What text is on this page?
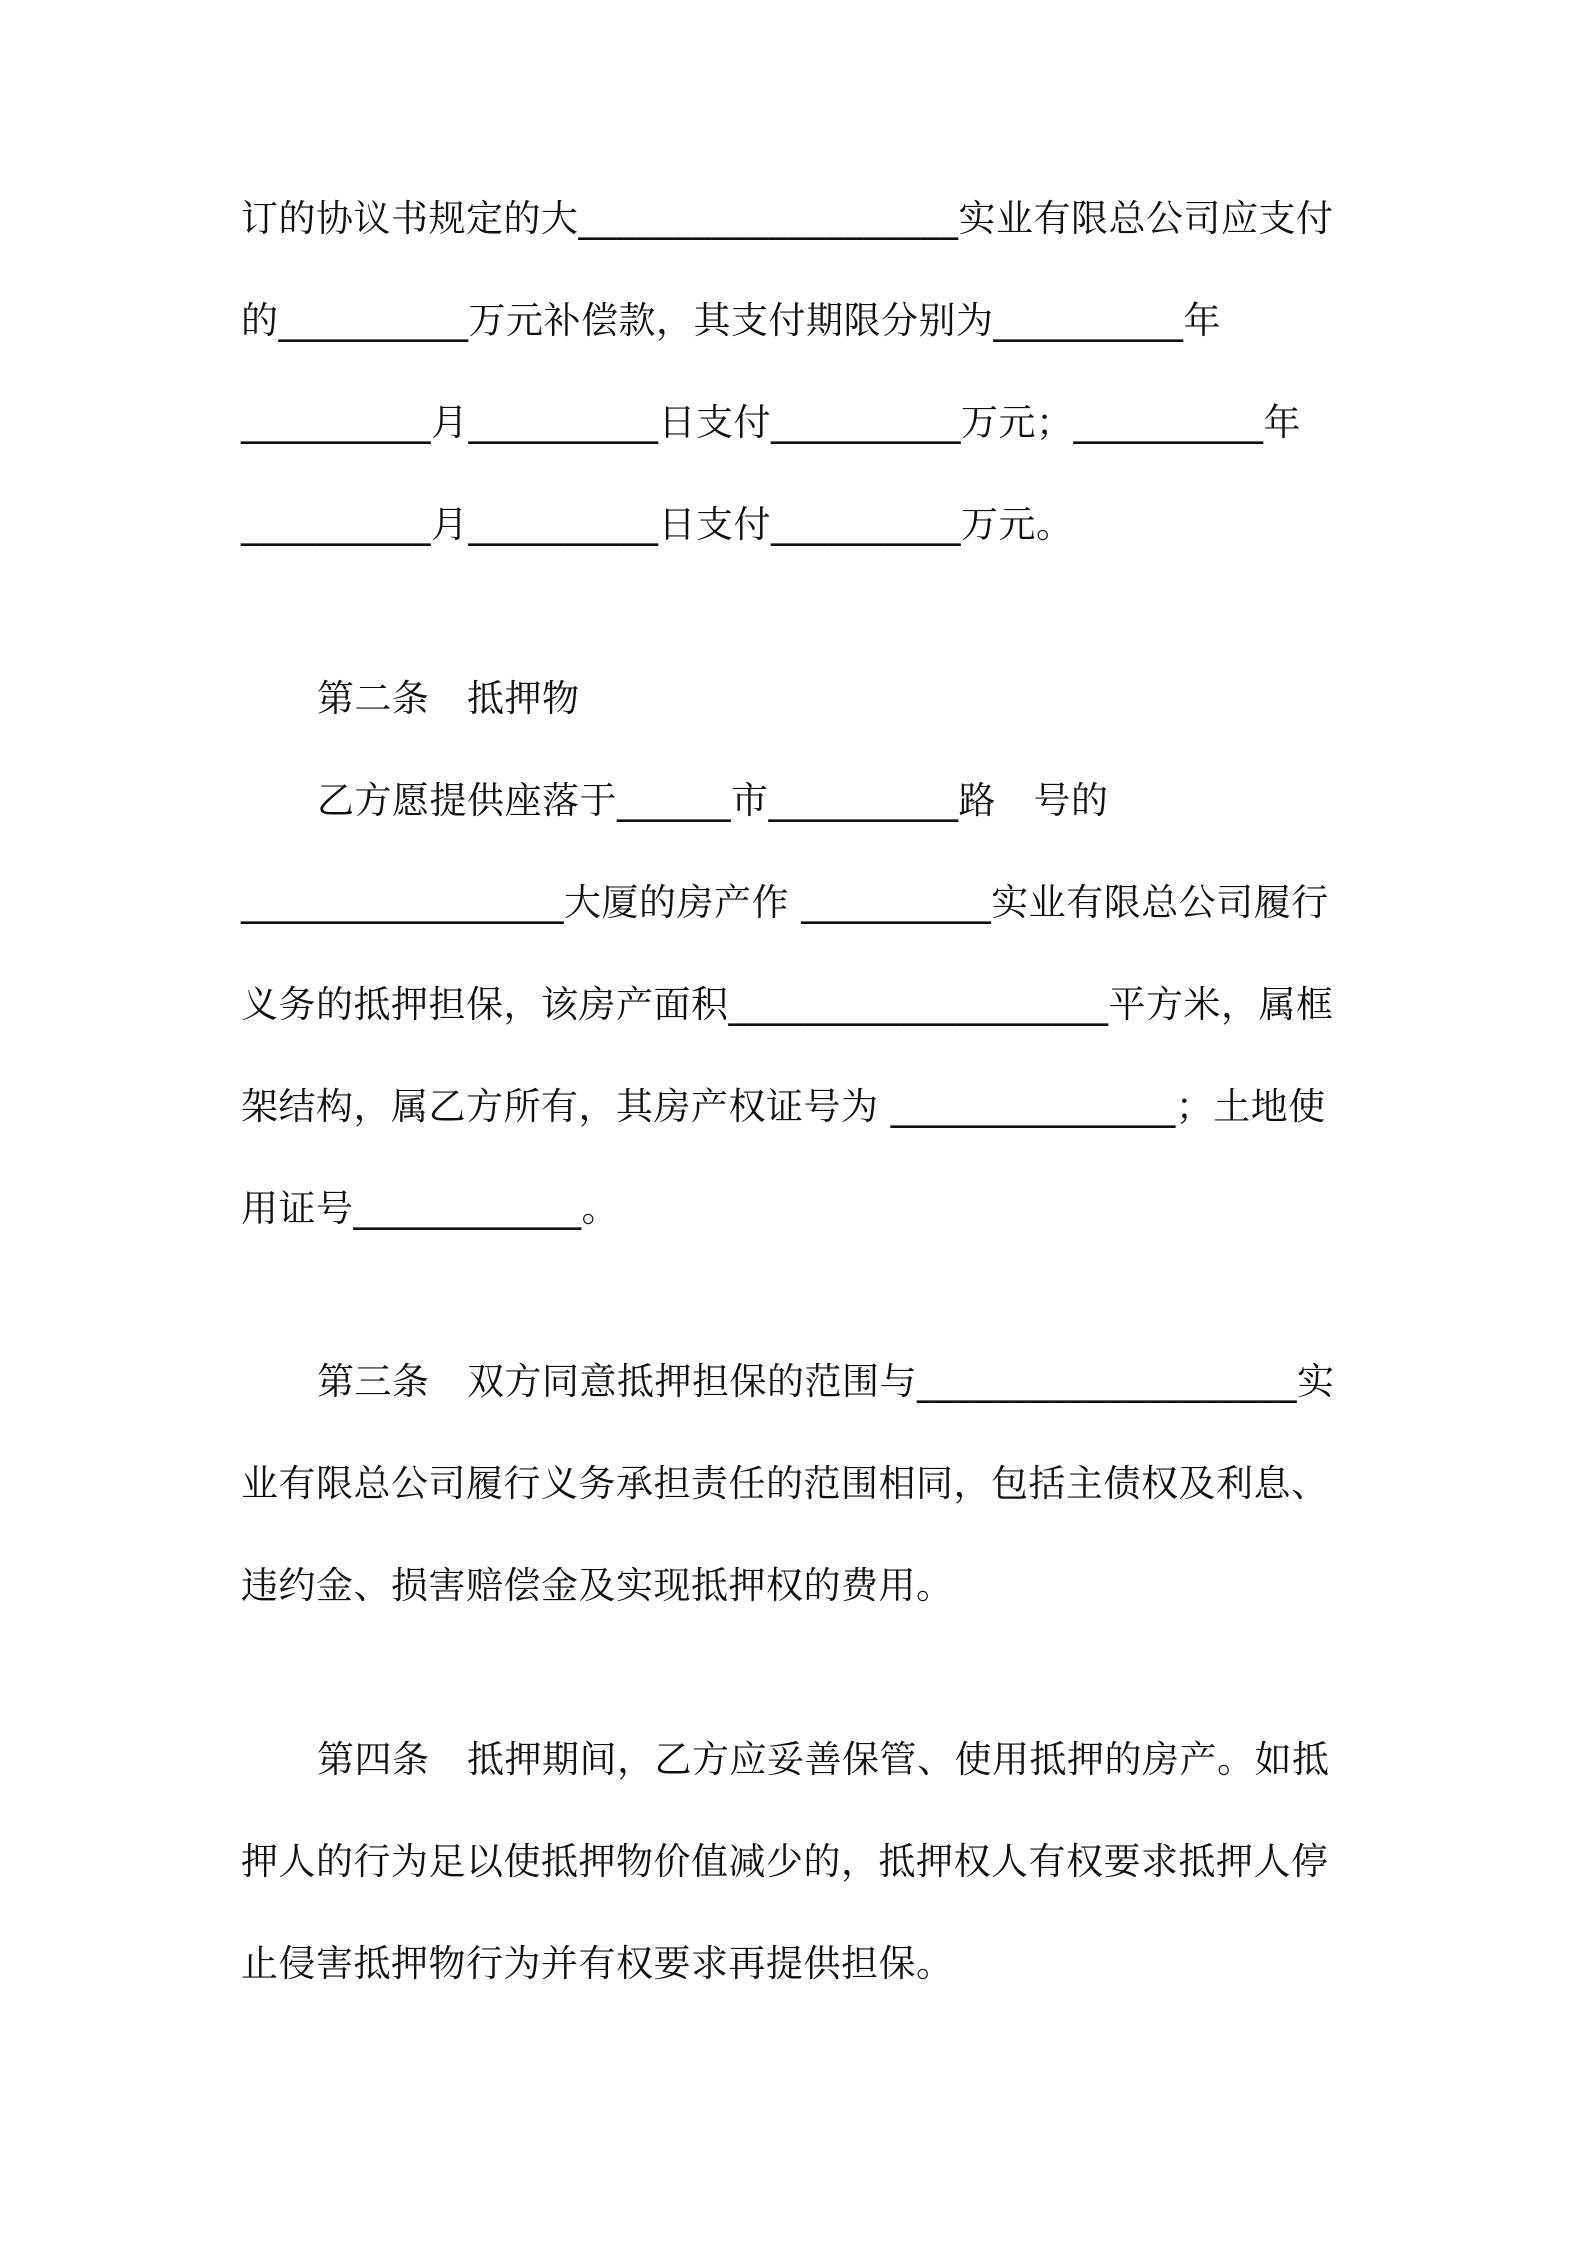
订的协议书规定的大____________________实业有限总公司应支付
的__________万元补偿款，其支付期限分别为__________年
__________月__________日支付__________万元；__________年
__________月__________日支付__________万元。
第二条　抵押物
乙方愿提供座落于______市__________路　号的
_________________大厦的房产作 __________实业有限总公司履行
义务的抵押担保，该房产面积____________________平方米，属框
架结构，属乙方所有，其房产权证号为 _______________；土地使
用证号____________。
第三条　双方同意抵押担保的范围与____________________实
业有限总公司履行义务承担责任的范围相同，包括主债权及利息、
违约金、损害赔偿金及实现抵押权的费用。
第四条　抵押期间，乙方应妥善保管、使用抵押的房产。如抵
押人的行为足以使抵押物价值减少的，抵押权人有权要求抵押人停
止侵害抵押物行为并有权要求再提供担保。
